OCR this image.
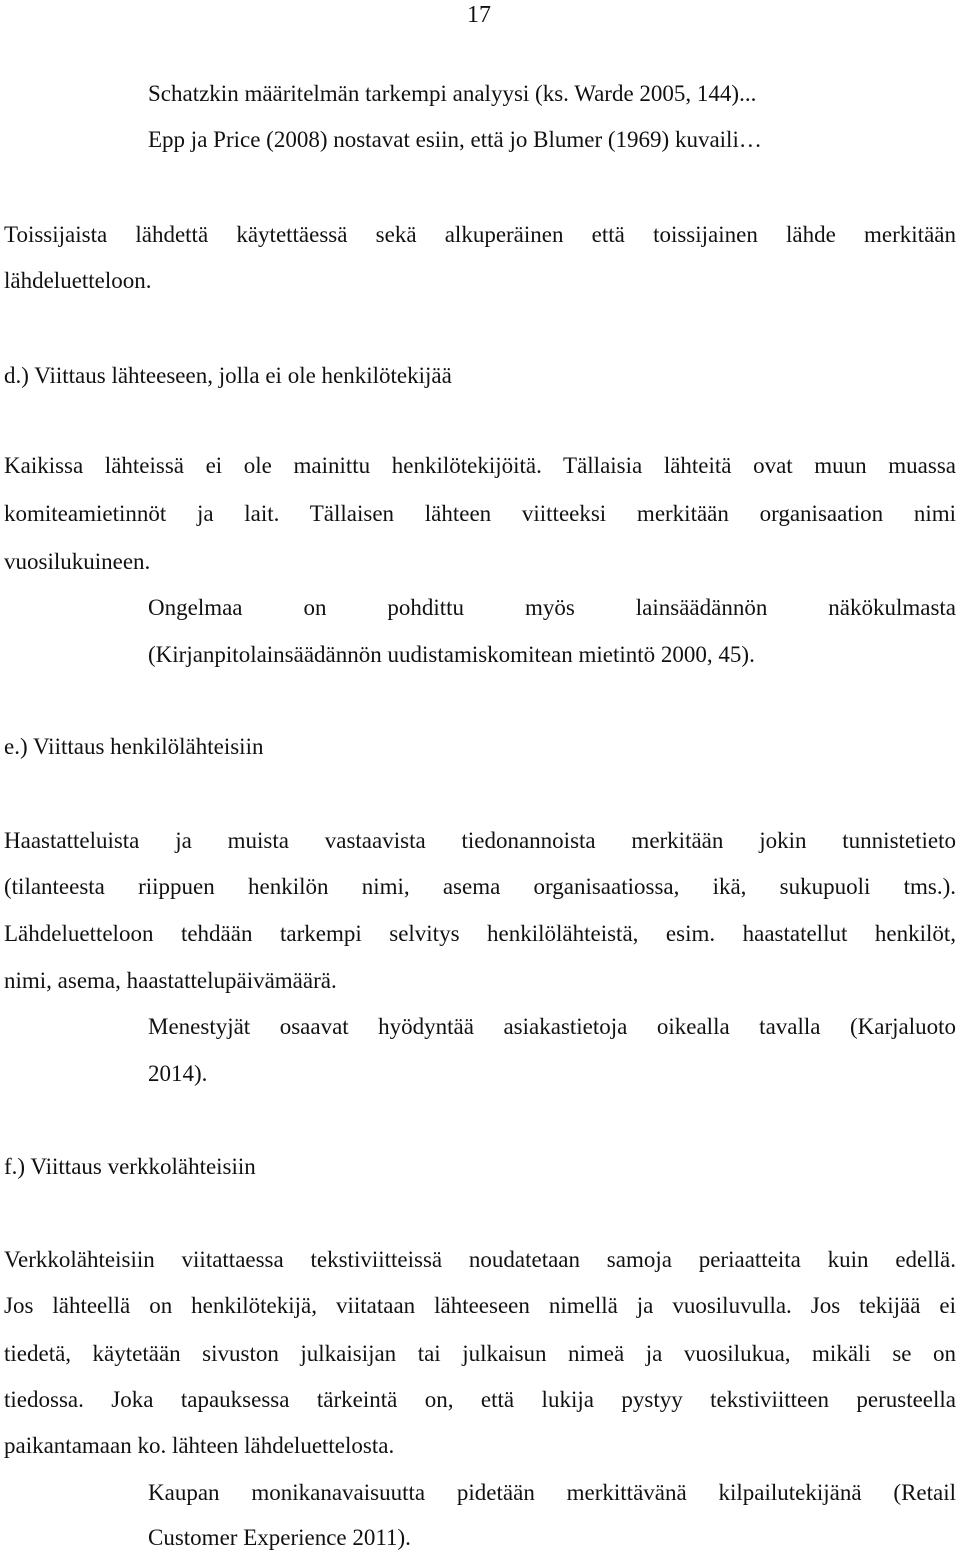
17
Schatzkin määritelmän tarkempi analyysi (ks. Warde 2005, 144)...
Epp ja Price (2008) nostavat esiin, että jo Blumer (1969) kuvaili…
Toissijaista lähdettä käytettäessä sekä alkuperäinen että toissijainen lähde merkitään
lähdeluetteloon.
d.) Viittaus lähteeseen, jolla ei ole henkilötekijää
Kaikissa lähteissä ei ole mainittu henkilötekijöitä. Tällaisia lähteitä ovat muun muassa
komiteamietinnöt ja lait. Tällaisen lähteen viitteeksi merkitään organisaation nimi
vuosilukuineen.
Ongelmaa on pohdittu myös lainsäädännön näkökulmasta
(Kirjanpitolainsäädännön uudistamiskomitean mietintö 2000, 45).
e.) Viittaus henkilölähteisiin
Haastatteluista ja muista vastaavista tiedonannoista merkitään jokin tunnistetieto
(tilanteesta riippuen henkilön nimi, asema organisaatiossa, ikä, sukupuoli tms.).
Lähdeluetteloon tehdään tarkempi selvitys henkilölähteistä, esim. haastatellut henkilöt,
nimi, asema, haastattelupäivämäärä.
Menestyjät osaavat hyödyntää asiakastietoja oikealla tavalla (Karjaluoto
2014).
f.) Viittaus verkkolähteisiin
Verkkolähteisiin viitattaessa tekstiviitteissä noudatetaan samoja periaatteita kuin edellä.
Jos lähteellä on henkilötekijä, viitataan lähteeseen nimellä ja vuosiluvulla. Jos tekijää ei
tiedetä, käytetään sivuston julkaisijan tai julkaisun nimeä ja vuosilukua, mikäli se on
tiedossa. Joka tapauksessa tärkeintä on, että lukija pystyy tekstiviitteen perusteella
paikantamaan ko. lähteen lähdeluettelosta.
Kaupan monikanavaisuutta pidetään merkittävänä kilpailutekijänä (Retail
Customer Experience 2011).
